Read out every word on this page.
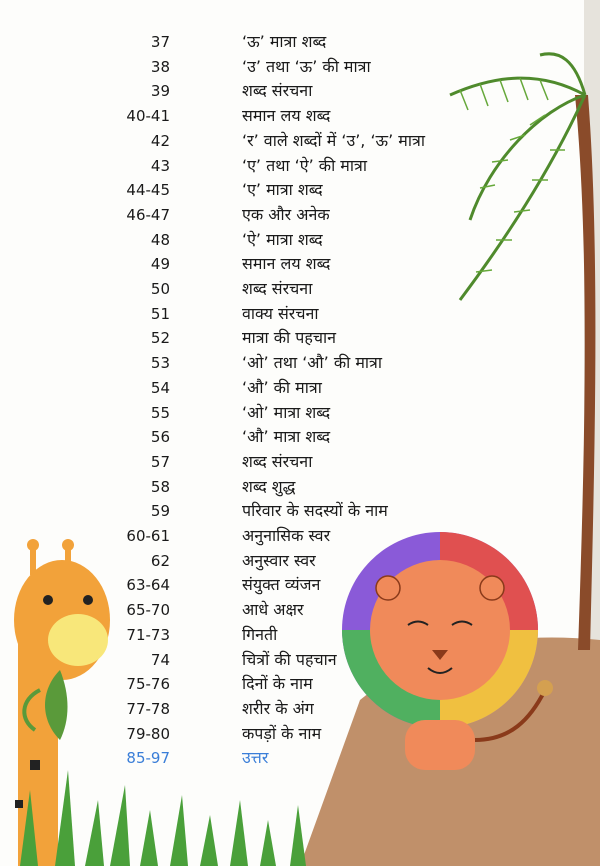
37	‘ऊ’ मात्रा शब्द
38	‘उ’ तथा ‘ऊ’ की मात्रा
39	शब्द संरचना
40-41	समान लय शब्द
42	‘र’ वाले शब्दों में ‘उ’, ‘ऊ’ मात्रा
43	‘ए’ तथा ‘ऐ’ की मात्रा
44-45	‘ए’ मात्रा शब्द
46-47	एक और अनेक
48	‘ऐ’ मात्रा शब्द
49	समान लय शब्द
50	शब्द संरचना
51	वाक्य संरचना
52	मात्रा की पहचान
53	‘ओ’ तथा ‘औ’ की मात्रा
54	‘औ’ की मात्रा
55	‘ओ’ मात्रा शब्द
56	‘औ’ मात्रा शब्द
57	शब्द संरचना
58	शब्द शुद्ध
59	परिवार के सदस्यों के नाम
60-61	अनुनासिक स्वर
62	अनुस्वार स्वर
63-64	संयुक्त व्यंजन
65-70	आधे अक्षर
71-73	गिनती
74	चित्रों की पहचान
75-76	दिनों के नाम
77-78	शरीर के अंग
79-80	कपड़ों के नाम
85-97	उत्तर
